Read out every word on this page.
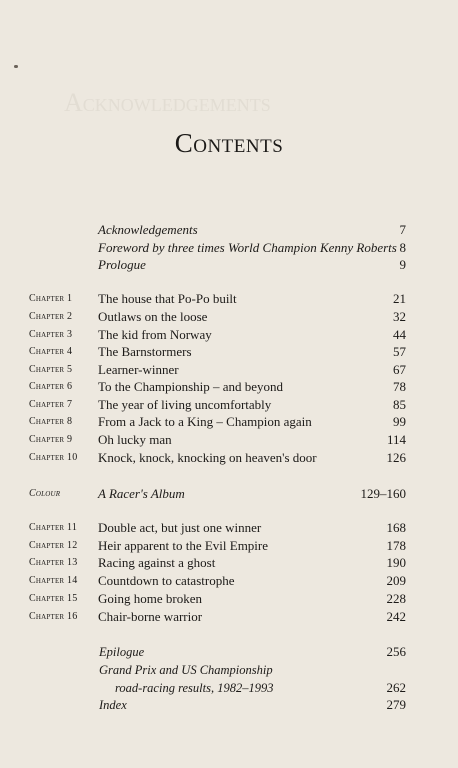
Acknowledgements
Contents
Acknowledgements	7
Foreword by three times World Champion Kenny Roberts 8
Prologue	9
Chapter 1 The house that Po-Po built	21
Chapter 2 Outlaws on the loose	32
Chapter 3 The kid from Norway	44
Chapter 4 The Barnstormers	57
Chapter 5 Learner-winner	67
Chapter 6 To the Championship – and beyond	78
Chapter 7 The year of living uncomfortably	85
Chapter 8 From a Jack to a King – Champion again	99
Chapter 9 Oh lucky man	114
Chapter 10 Knock, knock, knocking on heaven's door	126
Colour	A Racer's Album	129–160
Chapter 11 Double act, but just one winner	168
Chapter 12 Heir apparent to the Evil Empire	178
Chapter 13 Racing against a ghost	190
Chapter 14 Countdown to catastrophe	209
Chapter 15 Going home broken	228
Chapter 16 Chair-borne warrior	242
Epilogue	256
Grand Prix and US Championship
road-racing results, 1982–1993	262
Index	279
